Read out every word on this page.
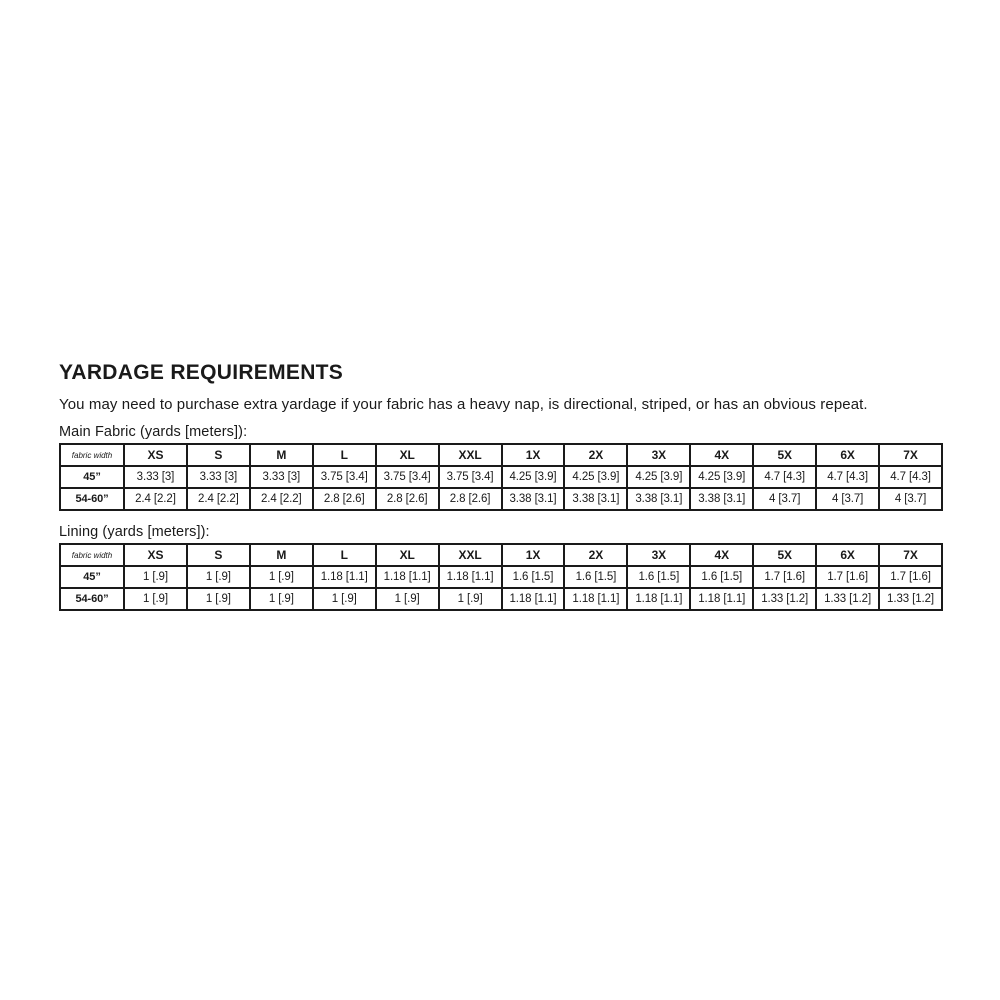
YARDAGE REQUIREMENTS
You may need to purchase extra yardage if your fabric has a heavy nap, is directional, striped, or has an obvious repeat.
Main Fabric (yards [meters]):
fabric width	XS	S	M	L	XL	XXL	1X	2X	3X	4X	5X	6X	7X
45”	3.33 [3]	3.33 [3]	3.33 [3]	3.75 [3.4]	3.75 [3.4]	3.75 [3.4]	4.25 [3.9]	4.25 [3.9]	4.25 [3.9]	4.25 [3.9]	4.7 [4.3]	4.7 [4.3]	4.7 [4.3]
54-60”	2.4 [2.2]	2.4 [2.2]	2.4 [2.2]	2.8 [2.6]	2.8 [2.6]	2.8 [2.6]	3.38 [3.1]	3.38 [3.1]	3.38 [3.1]	3.38 [3.1]	4 [3.7]	4 [3.7]	4 [3.7]
Lining (yards [meters]):
fabric width	XS	S	M	L	XL	XXL	1X	2X	3X	4X	5X	6X	7X
45”	1 [.9]	1 [.9]	1 [.9]	1.18 [1.1]	1.18 [1.1]	1.18 [1.1]	1.6 [1.5]	1.6 [1.5]	1.6 [1.5]	1.6 [1.5]	1.7 [1.6]	1.7 [1.6]	1.7 [1.6]
54-60”	1 [.9]	1 [.9]	1 [.9]	1 [.9]	1 [.9]	1 [.9]	1.18 [1.1]	1.18 [1.1]	1.18 [1.1]	1.18 [1.1]	1.33 [1.2]	1.33 [1.2]	1.33 [1.2]
